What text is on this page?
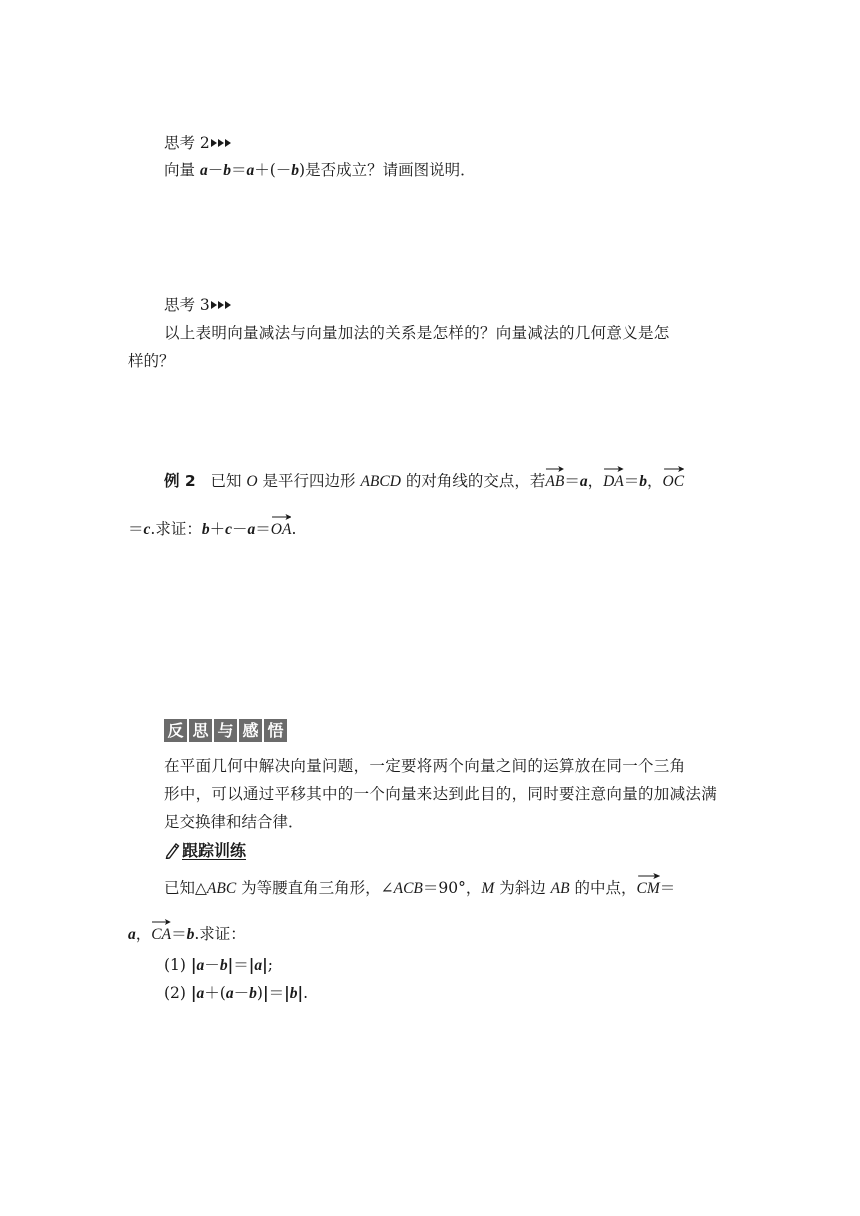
思考 2
向量 a－b＝a＋(－b)是否成立？请画图说明．
思考 3
以上表明向量减法与向量加法的关系是怎样的？向量减法的几何意义是怎
样的？
例 2 已知 O 是平行四边形 ABCD 的对角线的交点，若AB
＝a，DA
＝b，OC
＝c.求证：b＋c－a＝OA
.
反 思 与 感 悟
在平面几何中解决向量问题，一定要将两个向量之间的运算放在同一个三角
形中，可以通过平移其中的一个向量来达到此目的，同时要注意向量的加减法满
足交换律和结合律．
跟踪训练
已知△ABC 为等腰直角三角形，∠ACB＝90°，M 为斜边 AB 的中点，CM
＝
a，CA
＝b.求证：
(1) |a－b|＝|a|;
(2) |a＋(a－b)|＝|b|.
